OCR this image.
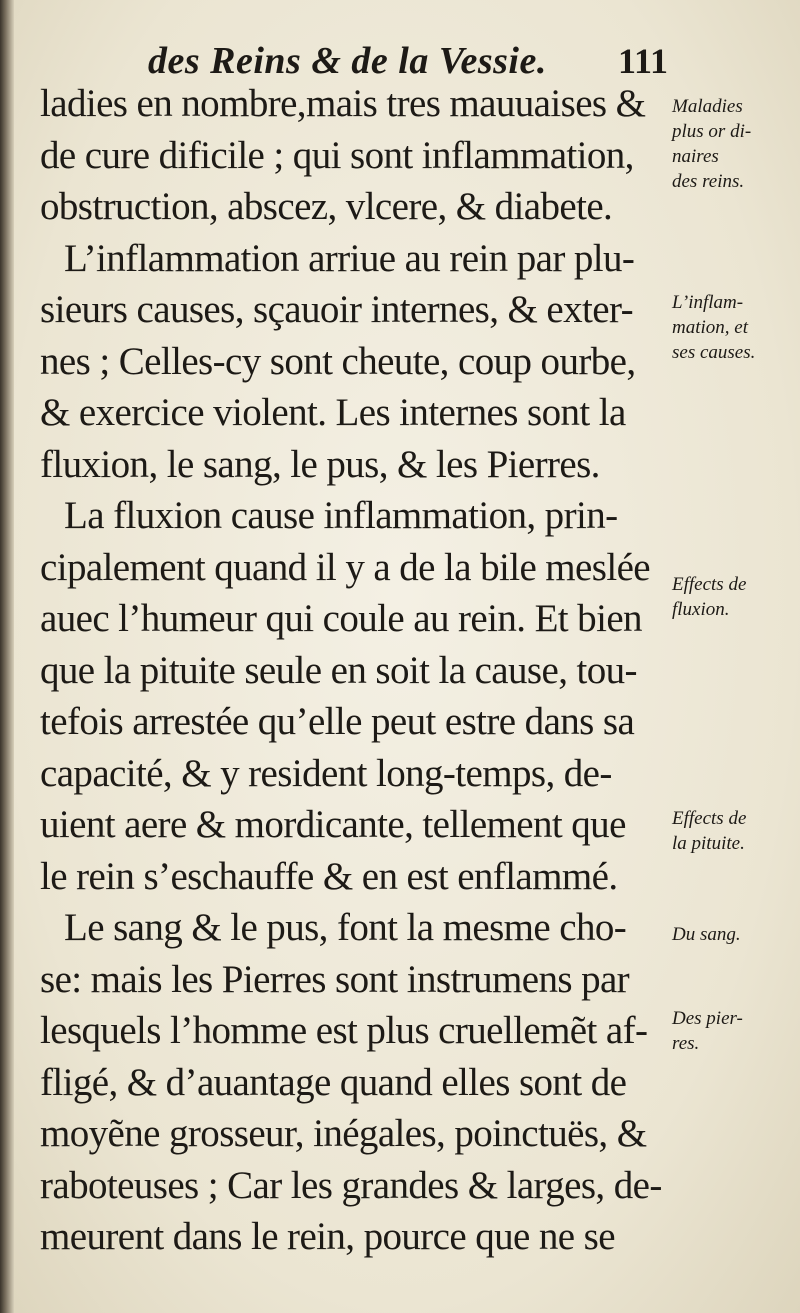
des Reins & de la Vessie. 111
ladies en nombre,mais tres mauuaises &
de cure dificile ; qui sont inflammation,
obstruction, abscez, vlcere, & diabete.
L’inflammation arriue au rein par plu-
sieurs causes, sçauoir internes, & exter-
nes ; Celles-cy sont cheute, coup ourbe,
& exercice violent. Les internes sont la
fluxion, le sang, le pus, & les Pierres.
La fluxion cause inflammation, prin-
cipalement quand il y a de la bile meslée
auec l’humeur qui coule au rein. Et bien
que la pituite seule en soit la cause, tou-
tefois arrestée qu’elle peut estre dans sa
capacité, & y resident long-temps, de-
uient aere & mordicante, tellement que
le rein s’eschauffe & en est enflammé.
Le sang & le pus, font la mesme cho-
se: mais les Pierres sont instrumens par
lesquels l’homme est plus cruellemẽt af-
fligé, & d’auantage quand elles sont de
moyẽne grosseur, inégales, poinctuës, &
raboteuses ; Car les grandes & larges, de-
meurent dans le rein, pource que ne se
Maladies
plus or di-
naires
des reins.
L’inflam-
mation, et
ses causes.
Effects de
fluxion.
Effects de
la pituite.
Du sang.
Des pier-
res.
